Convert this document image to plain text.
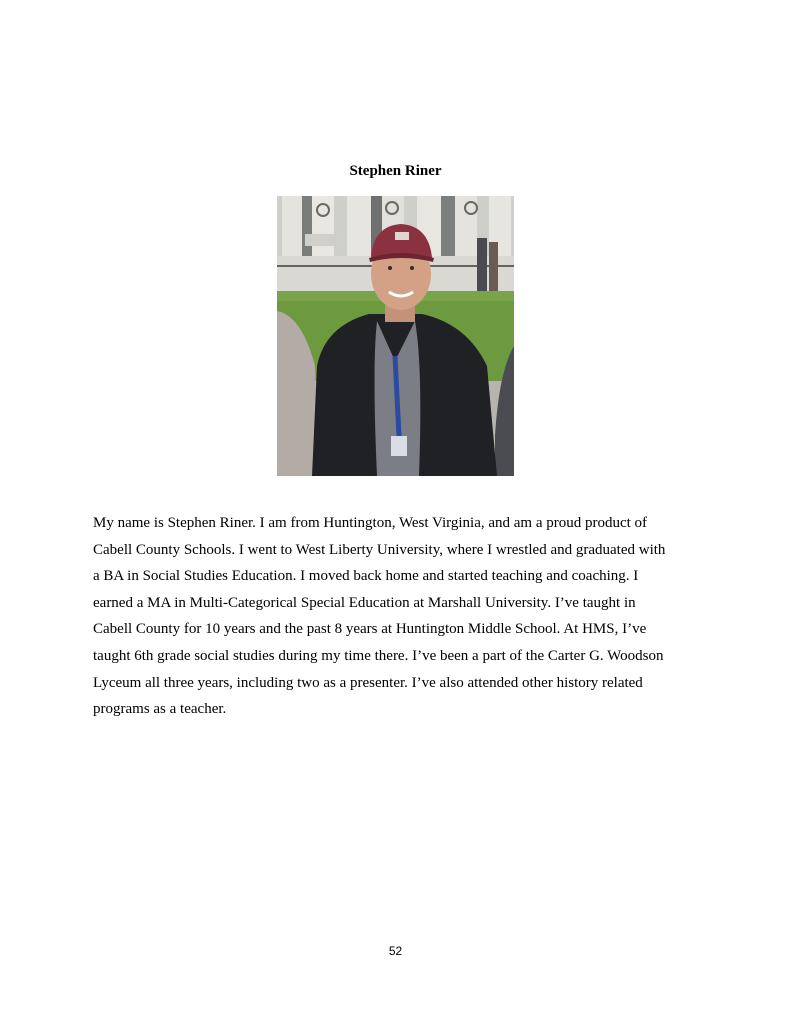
Stephen Riner
My name is Stephen Riner. I am from Huntington, West Virginia, and am a proud product of
Cabell County Schools. I went to West Liberty University, where I wrestled and graduated with
a BA in Social Studies Education. I moved back home and started teaching and coaching. I
earned a MA in Multi-Categorical Special Education at Marshall University. I’ve taught in
Cabell County for 10 years and the past 8 years at Huntington Middle School. At HMS, I’ve
taught 6th grade social studies during my time there. I’ve been a part of the Carter G. Woodson
Lyceum all three years, including two as a presenter. I’ve also attended other history related
programs as a teacher.
52
